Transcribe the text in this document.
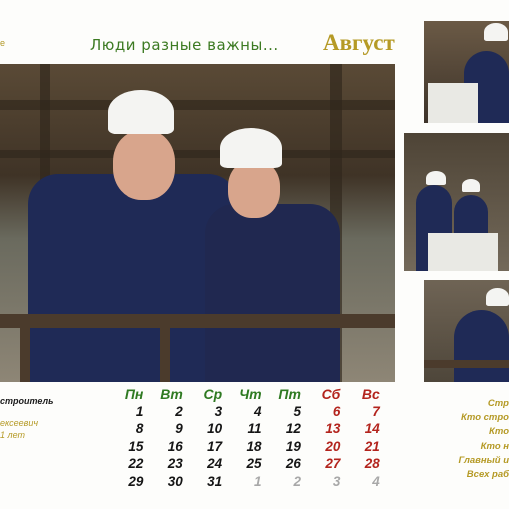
е	Люди разные важны... Август
строитель
ексеевич
1 лет
Пн	Вт	Ср	Чт	Пт	Сб	Вс
1	2	3	4	5	6	7
8	9	10	11	12	13	14
15	16	17	18	19	20	21
22	23	24	25	26	27	28
29	30	31	1	2	3	4
Стр
Кто стро
Кто
Кто н
Главный и
Всех раб
